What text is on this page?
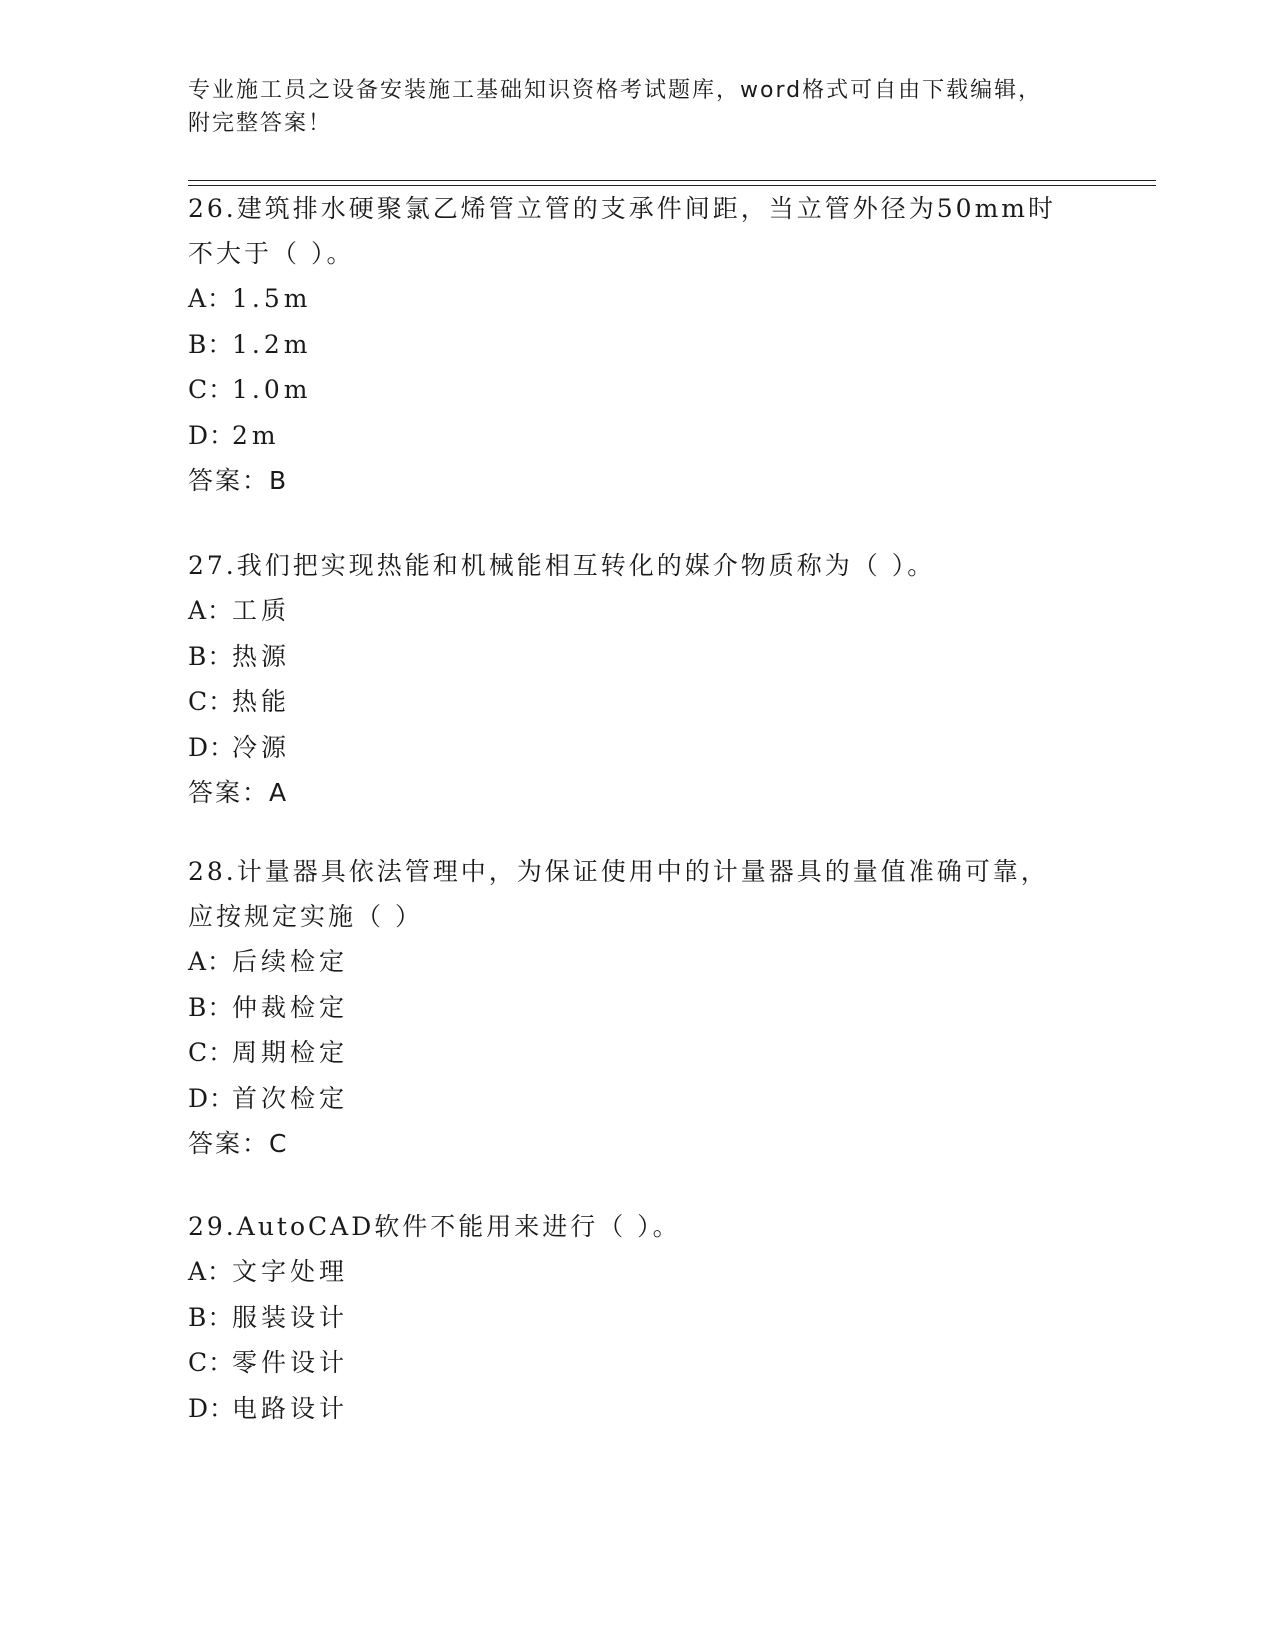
专业施工员之设备安装施工基础知识资格考试题库，word格式可自由下载编辑，
附完整答案！
26.建筑排水硬聚氯乙烯管立管的支承件间距，当立管外径为50mm时
不大于（ ）。
A：1.5m
B：1.2m
C：1.0m
D：2m
答案：B
27.我们把实现热能和机械能相互转化的媒介物质称为（ ）。
A：工质
B：热源
C：热能
D：冷源
答案：A
28.计量器具依法管理中，为保证使用中的计量器具的量值准确可靠，
应按规定实施（ ）
A：后续检定
B：仲裁检定
C：周期检定
D：首次检定
答案：C
29.AutoCAD软件不能用来进行（ ）。
A：文字处理
B：服装设计
C：零件设计
D：电路设计
